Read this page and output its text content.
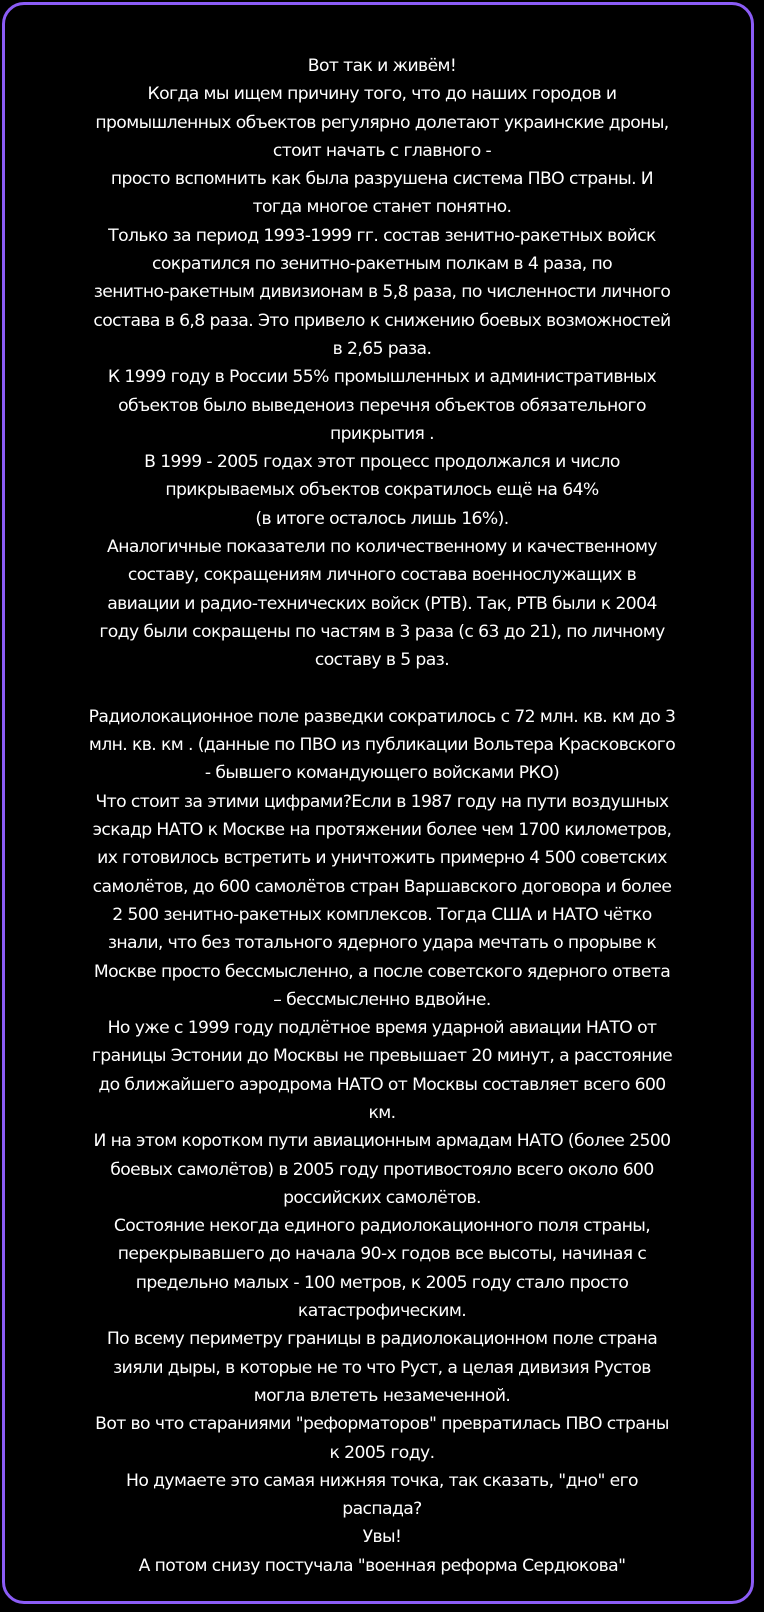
Вот так и живём!
Когда мы ищем причину того, что до наших городов и
промышленных объектов регулярно долетают украинские дроны,
стоит начать с главного -
просто вспомнить как была разрушена система ПВО страны. И
тогда многое станет понятно.
Только за период 1993-1999 гг. состав зенитно-ракетных войск
сократился по зенитно-ракетным полкам в 4 раза, по
зенитно-ракетным дивизионам в 5,8 раза, по численности личного
состава в 6,8 раза. Это привело к снижению боевых возможностей
в 2,65 раза.
К 1999 году в России 55% промышленных и административных
объектов было выведеноиз перечня объектов обязательного
прикрытия .
В 1999 - 2005 годах этот процесс продолжался и число
прикрываемых объектов сократилось ещё на 64%
(в итоге осталось лишь 16%).
Аналогичные показатели по количественному и качественному
составу, сокращениям личного состава военнослужащих в
авиации и радио-технических войск (РТВ). Так, РТВ были к 2004
году были сокращены по частям в 3 раза (с 63 до 21), по личному
составу в 5 раз.
Радиолокационное поле разведки сократилось с 72 млн. кв. км до 3
млн. кв. км . (данные по ПВО из публикации Вольтера Красковского
- бывшего командующего войсками РКО)
Что стоит за этими цифрами?Если в 1987 году на пути воздушных
эскадр НАТО к Москве на протяжении более чем 1700 километров,
их готовилось встретить и уничтожить примерно 4 500 советских
самолётов, до 600 самолётов стран Варшавского договора и более
2 500 зенитно-ракетных комплексов. Тогда США и НАТО чётко
знали, что без тотального ядерного удара мечтать о прорыве к
Москве просто бессмысленно, а после советского ядерного ответа
– бессмысленно вдвойне.
Но уже с 1999 году подлётное время ударной авиации НАТО от
границы Эстонии до Москвы не превышает 20 минут, а расстояние
до ближайшего аэродрома НАТО от Москвы составляет всего 600
км.
И на этом коротком пути авиационным армадам НАТО (более 2500
боевых самолётов) в 2005 году противостояло всего около 600
российских самолётов.
Состояние некогда единого радиолокационного поля страны,
перекрывавшего до начала 90-х годов все высоты, начиная с
предельно малых - 100 метров, к 2005 году стало просто
катастрофическим.
По всему периметру границы в радиолокационном поле страна
зияли дыры, в которые не то что Руст, а целая дивизия Рустов
могла влететь незамеченной.
Вот во что стараниями "реформаторов" превратилась ПВО страны
к 2005 году.
Но думаете это самая нижняя точка, так сказать, "дно" его
распада?
Увы!
А потом снизу постучала "военная реформа Сердюкова"
